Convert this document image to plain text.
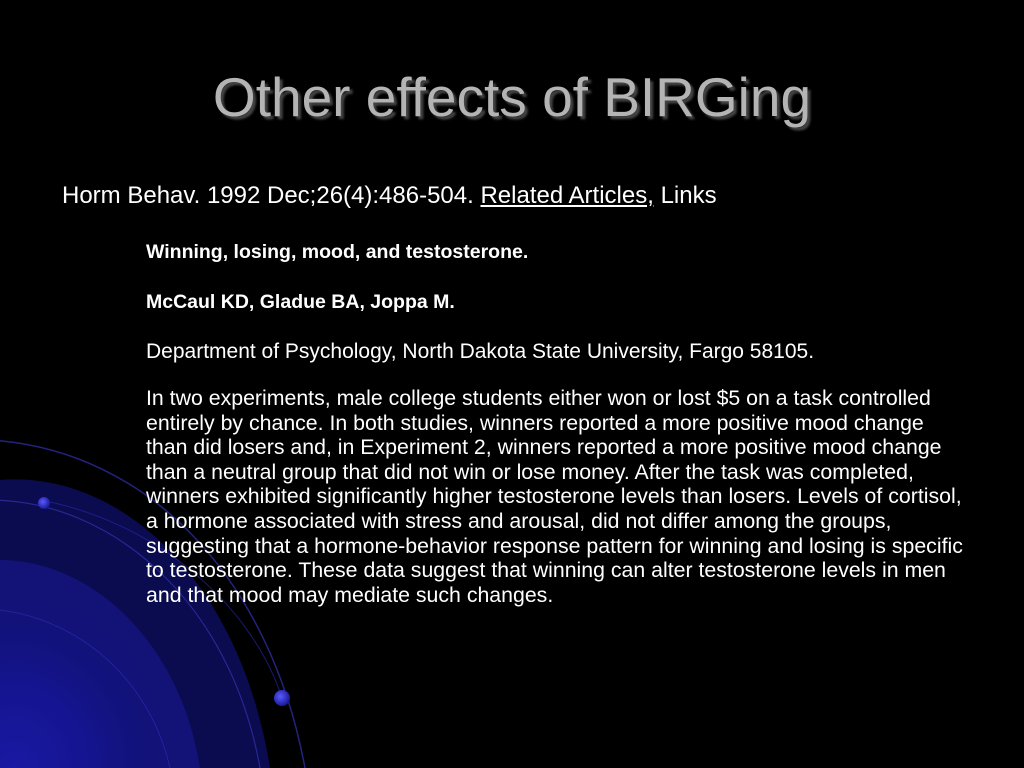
Other effects of BIRGing

Horm Behav. 1992 Dec;26(4):486-504. Related Articles, Links

Winning, losing, mood, and testosterone.

McCaul KD, Gladue BA, Joppa M.

Department of Psychology, North Dakota State University, Fargo 58105.

In two experiments, male college students either won or lost $5 on a task controlled entirely by chance. In both studies, winners reported a more positive mood change than did losers and, in Experiment 2, winners reported a more positive mood change than a neutral group that did not win or lose money. After the task was completed, winners exhibited significantly higher testosterone levels than losers. Levels of cortisol, a hormone associated with stress and arousal, did not differ among the groups, suggesting that a hormone-behavior response pattern for winning and losing is specific to testosterone. These data suggest that winning can alter testosterone levels in men and that mood may mediate such changes.
